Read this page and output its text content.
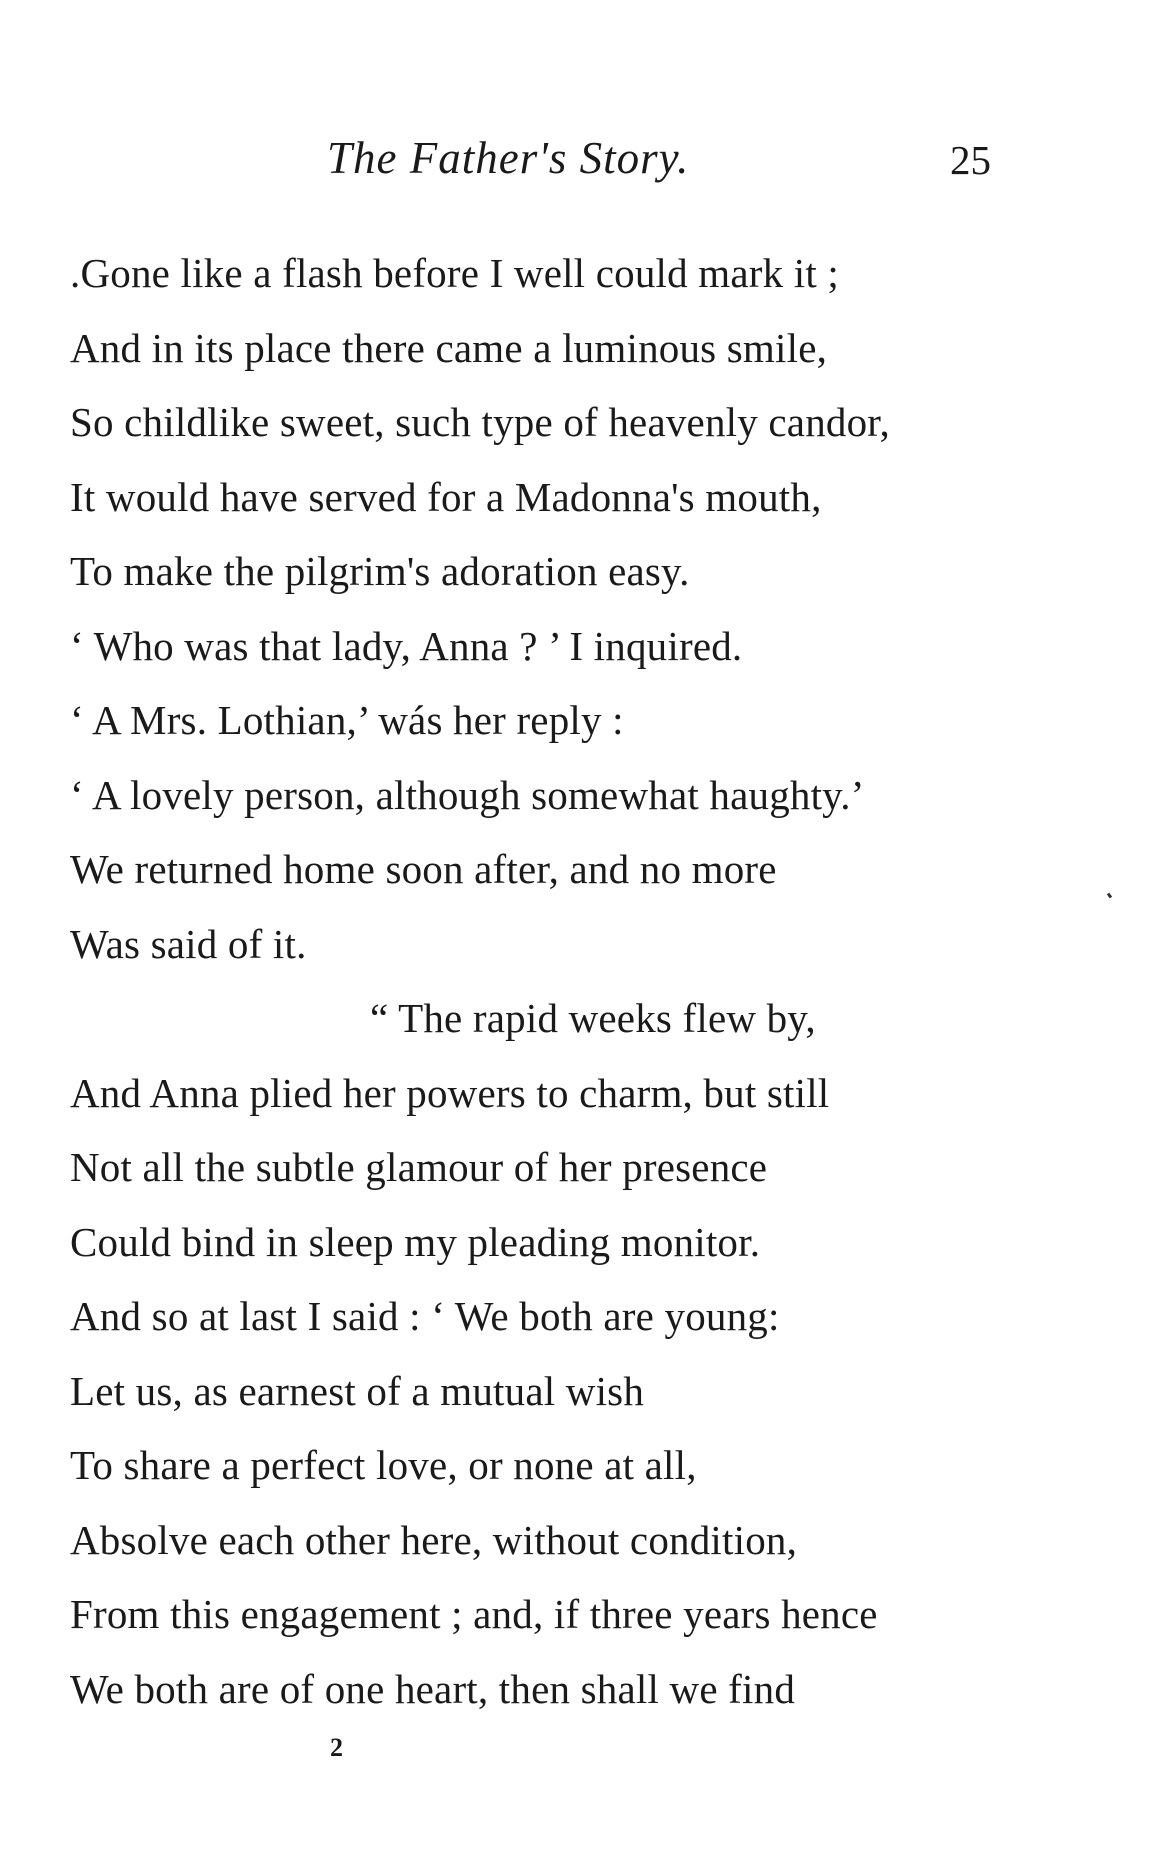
The Father's Story.	25
.Gone like a flash before I well could mark it ;
And in its place there came a luminous smile,
So childlike sweet, such type of heavenly candor,
It would have served for a Madonna's mouth,
To make the pilgrim's adoration easy.
‘ Who was that lady, Anna ? ’ I inquired.
‘ A Mrs. Lothian,’ wás her reply :
‘ A lovely person, although somewhat haughty.’
We returned home soon after, and no more
Was said of it.
“ The rapid weeks flew by,
And Anna plied her powers to charm, but still
Not all the subtle glamour of her presence
Could bind in sleep my pleading monitor.
And so at last I said : ‘ We both are young:
Let us, as earnest of a mutual wish
To share a perfect love, or none at all,
Absolve each other here, without condition,
From this engagement ; and, if three years hence
We both are of one heart, then shall we find
2
